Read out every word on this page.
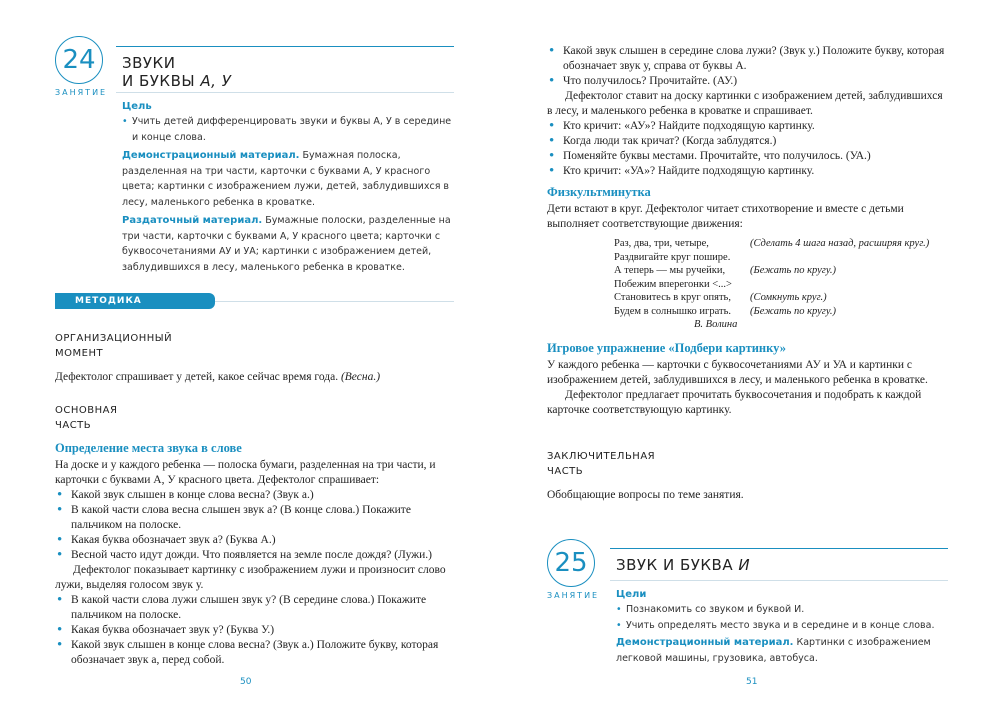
24
ЗАНЯТИЕ
ЗВУКИ
И БУКВЫ А, У
Цель
• Учить детей дифференцировать звуки и буквы А, У в середине и конце слова.
Демонстрационный материал. Бумажная полоска, разделенная на три части, карточки с буквами А, У красного цвета; картинки с изображением лужи, детей, заблудившихся в лесу, маленького ребенка в кроватке.
Раздаточный материал. Бумажные полоски, разделенные на три части, карточки с буквами А, У красного цвета; карточки с буквосочетаниями АУ и УА; картинки с изображением детей, заблудившихся в лесу, маленького ребенка в кроватке.
МЕТОДИКА ПРОВЕДЕНИЯ
ОРГАНИЗАЦИОННЫЙ
МОМЕНТ
Дефектолог спрашивает у детей, какое сейчас время года. (Весна.)
ОСНОВНАЯ
ЧАСТЬ
Определение места звука в слове
На доске и у каждого ребенка — полоска бумаги, разделенная на три части, и карточки с буквами А, У красного цвета. Дефектолог спрашивает:
• Какой звук слышен в конце слова весна? (Звук а.)
• В какой части слова весна слышен звук а? (В конце слова.) Покажите пальчиком на полоске.
• Какая буква обозначает звук а? (Буква А.)
• Весной часто идут дожди. Что появляется на земле после дождя? (Лужи.)
Дефектолог показывает картинку с изображением лужи и произносит слово лужи, выделяя голосом звук у.
• В какой части слова лужи слышен звук у? (В середине слова.) Покажите пальчиком на полоске.
• Какая буква обозначает звук у? (Буква У.)
• Какой звук слышен в конце слова весна? (Звук а.) Положите букву, которая обозначает звук а, перед собой.
50
• Какой звук слышен в середине слова лужи? (Звук у.) Положите букву, которая обозначает звук у, справа от буквы А.
• Что получилось? Прочитайте. (АУ.)
Дефектолог ставит на доску картинки с изображением детей, заблудившихся в лесу, и маленького ребенка в кроватке и спрашивает.
• Кто кричит: «АУ»? Найдите подходящую картинку.
• Когда люди так кричат? (Когда заблудятся.)
• Поменяйте буквы местами. Прочитайте, что получилось. (УА.)
• Кто кричит: «УА»? Найдите подходящую картинку.
Физкультминутка
Дети встают в круг. Дефектолог читает стихотворение и вместе с детьми выполняет соответствующие движения:
Раз, два, три, четыре,	(Сделать 4 шага назад, расширяя круг.)
Раздвигайте круг пошире.
А теперь — мы ручейки,	(Бежать по кругу.)
Побежим вперегонки <...>
Становитесь в круг опять,	(Сомкнуть круг.)
Будем в солнышко играть.	(Бежать по кругу.)
В. Волина
Игровое упражнение «Подбери картинку»
У каждого ребенка — карточки с буквосочетаниями АУ и УА и картинки с изображением детей, заблудившихся в лесу, и маленького ребенка в кроватке.
Дефектолог предлагает прочитать буквосочетания и подобрать к каждой карточке соответствующую картинку.
ЗАКЛЮЧИТЕЛЬНАЯ
ЧАСТЬ
Обобщающие вопросы по теме занятия.
25
ЗАНЯТИЕ
ЗВУК И БУКВА И
Цели
• Познакомить со звуком и буквой И.
• Учить определять место звука и в середине и в конце слова.
Демонстрационный материал. Картинки с изображением легковой машины, грузовика, автобуса.
51
